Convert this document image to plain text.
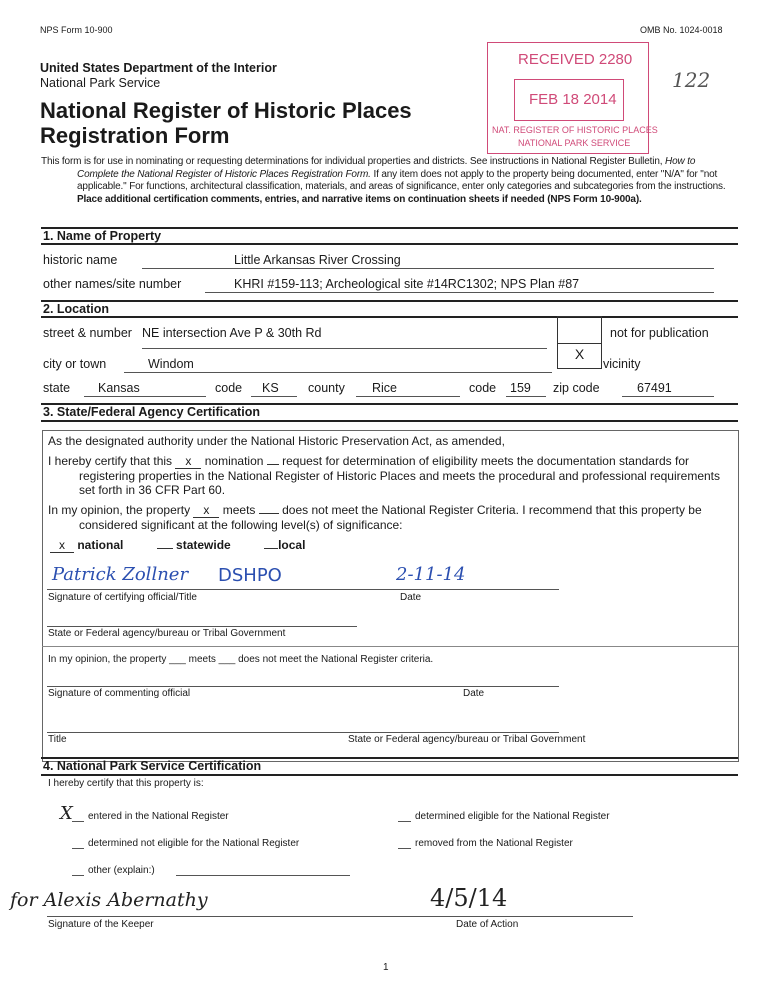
NPS Form 10-900	OMB No. 1024-0018
United States Department of the Interior
National Park Service
National Register of Historic Places
Registration Form
RECEIVED 2280
FEB 18 2014
NAT. REGISTER OF HISTORIC PLACES
NATIONAL PARK SERVICE
122
This form is for use in nominating or requesting determinations for individual properties and districts. See instructions in National Register Bulletin, How to Complete the National Register of Historic Places Registration Form. If any item does not apply to the property being documented, enter "N/A" for "not applicable." For functions, architectural classification, materials, and areas of significance, enter only categories and subcategories from the instructions. Place additional certification comments, entries, and narrative items on continuation sheets if needed (NPS Form 10-900a).
1. Name of Property
historic name	Little Arkansas River Crossing
other names/site number	KHRI #159-113; Archeological site #14RC1302; NPS Plan #87
2. Location
street & number NE intersection Ave P & 30th Rd
X
not for publication
city or town	Windom	vicinity
state Kansas	code KS county Rice	code 159 zip code	67491
3. State/Federal Agency Certification
As the designated authority under the National Historic Preservation Act, as amended,
I hereby certify that this x nomination  request for determination of eligibility meets the documentation standards for registering properties in the National Register of Historic Places and meets the procedural and professional requirements set forth in 36 CFR Part 60.
In my opinion, the property x meets  does not meet the National Register Criteria. I recommend that this property be considered significant at the following level(s) of significance:
x national	statewide	local
Patrick Zollner DSHPO	2-11-14
Signature of certifying official/Title	Date
State or Federal agency/bureau or Tribal Government
In my opinion, the property ___ meets ___ does not meet the National Register criteria.
Signature of commenting official	Date
Title	State or Federal agency/bureau or Tribal Government
4. National Park Service Certification
I hereby certify that this property is:
X entered in the National Register	determined eligible for the National Register
determined not eligible for the National Register	removed from the National Register
other (explain:)
for Alexis Abernathy	4/5/14
Signature of the Keeper	Date of Action
1
